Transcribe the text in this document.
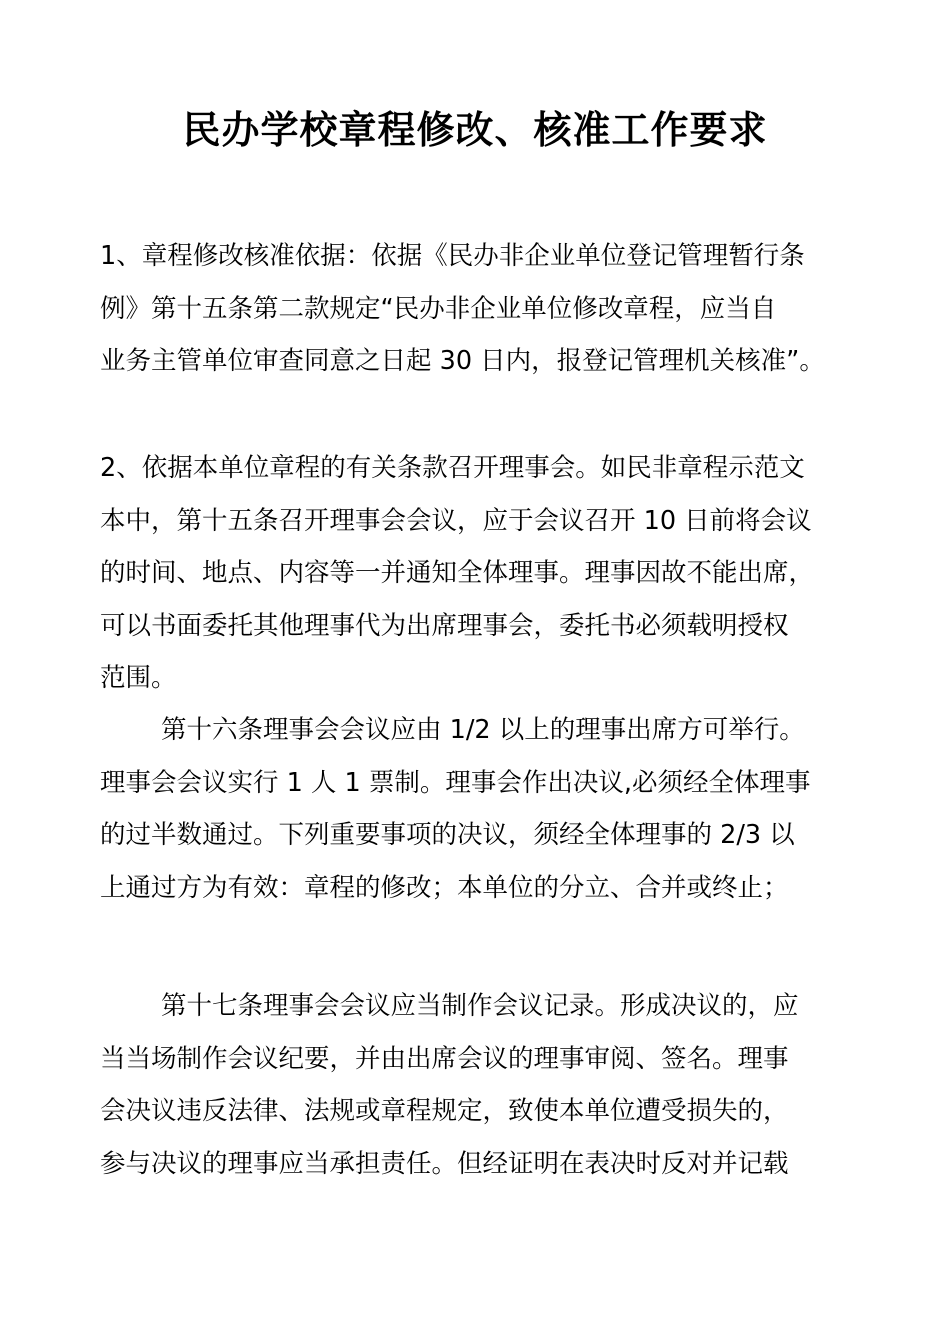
民办学校章程修改、核准工作要求
1、章程修改核准依据：依据《民办非企业单位登记管理暂行条
例》第十五条第二款规定“民办非企业单位修改章程，应当自
业务主管单位审查同意之日起 30 日内，报登记管理机关核准”。
2、依据本单位章程的有关条款召开理事会。如民非章程示范文
本中，第十五条召开理事会会议，应于会议召开 10 日前将会议
的时间、地点、内容等一并通知全体理事。理事因故不能出席，
可以书面委托其他理事代为出席理事会，委托书必须载明授权
范围。
第十六条理事会会议应由 1/2 以上的理事出席方可举行。
理事会会议实行 1 人 1 票制。理事会作出决议,必须经全体理事
的过半数通过。下列重要事项的决议，须经全体理事的 2/3 以
上通过方为有效：章程的修改；本单位的分立、合并或终止；
第十七条理事会会议应当制作会议记录。形成决议的，应
当当场制作会议纪要，并由出席会议的理事审阅、签名。理事
会决议违反法律、法规或章程规定，致使本单位遭受损失的，
参与决议的理事应当承担责任。但经证明在表决时反对并记载
